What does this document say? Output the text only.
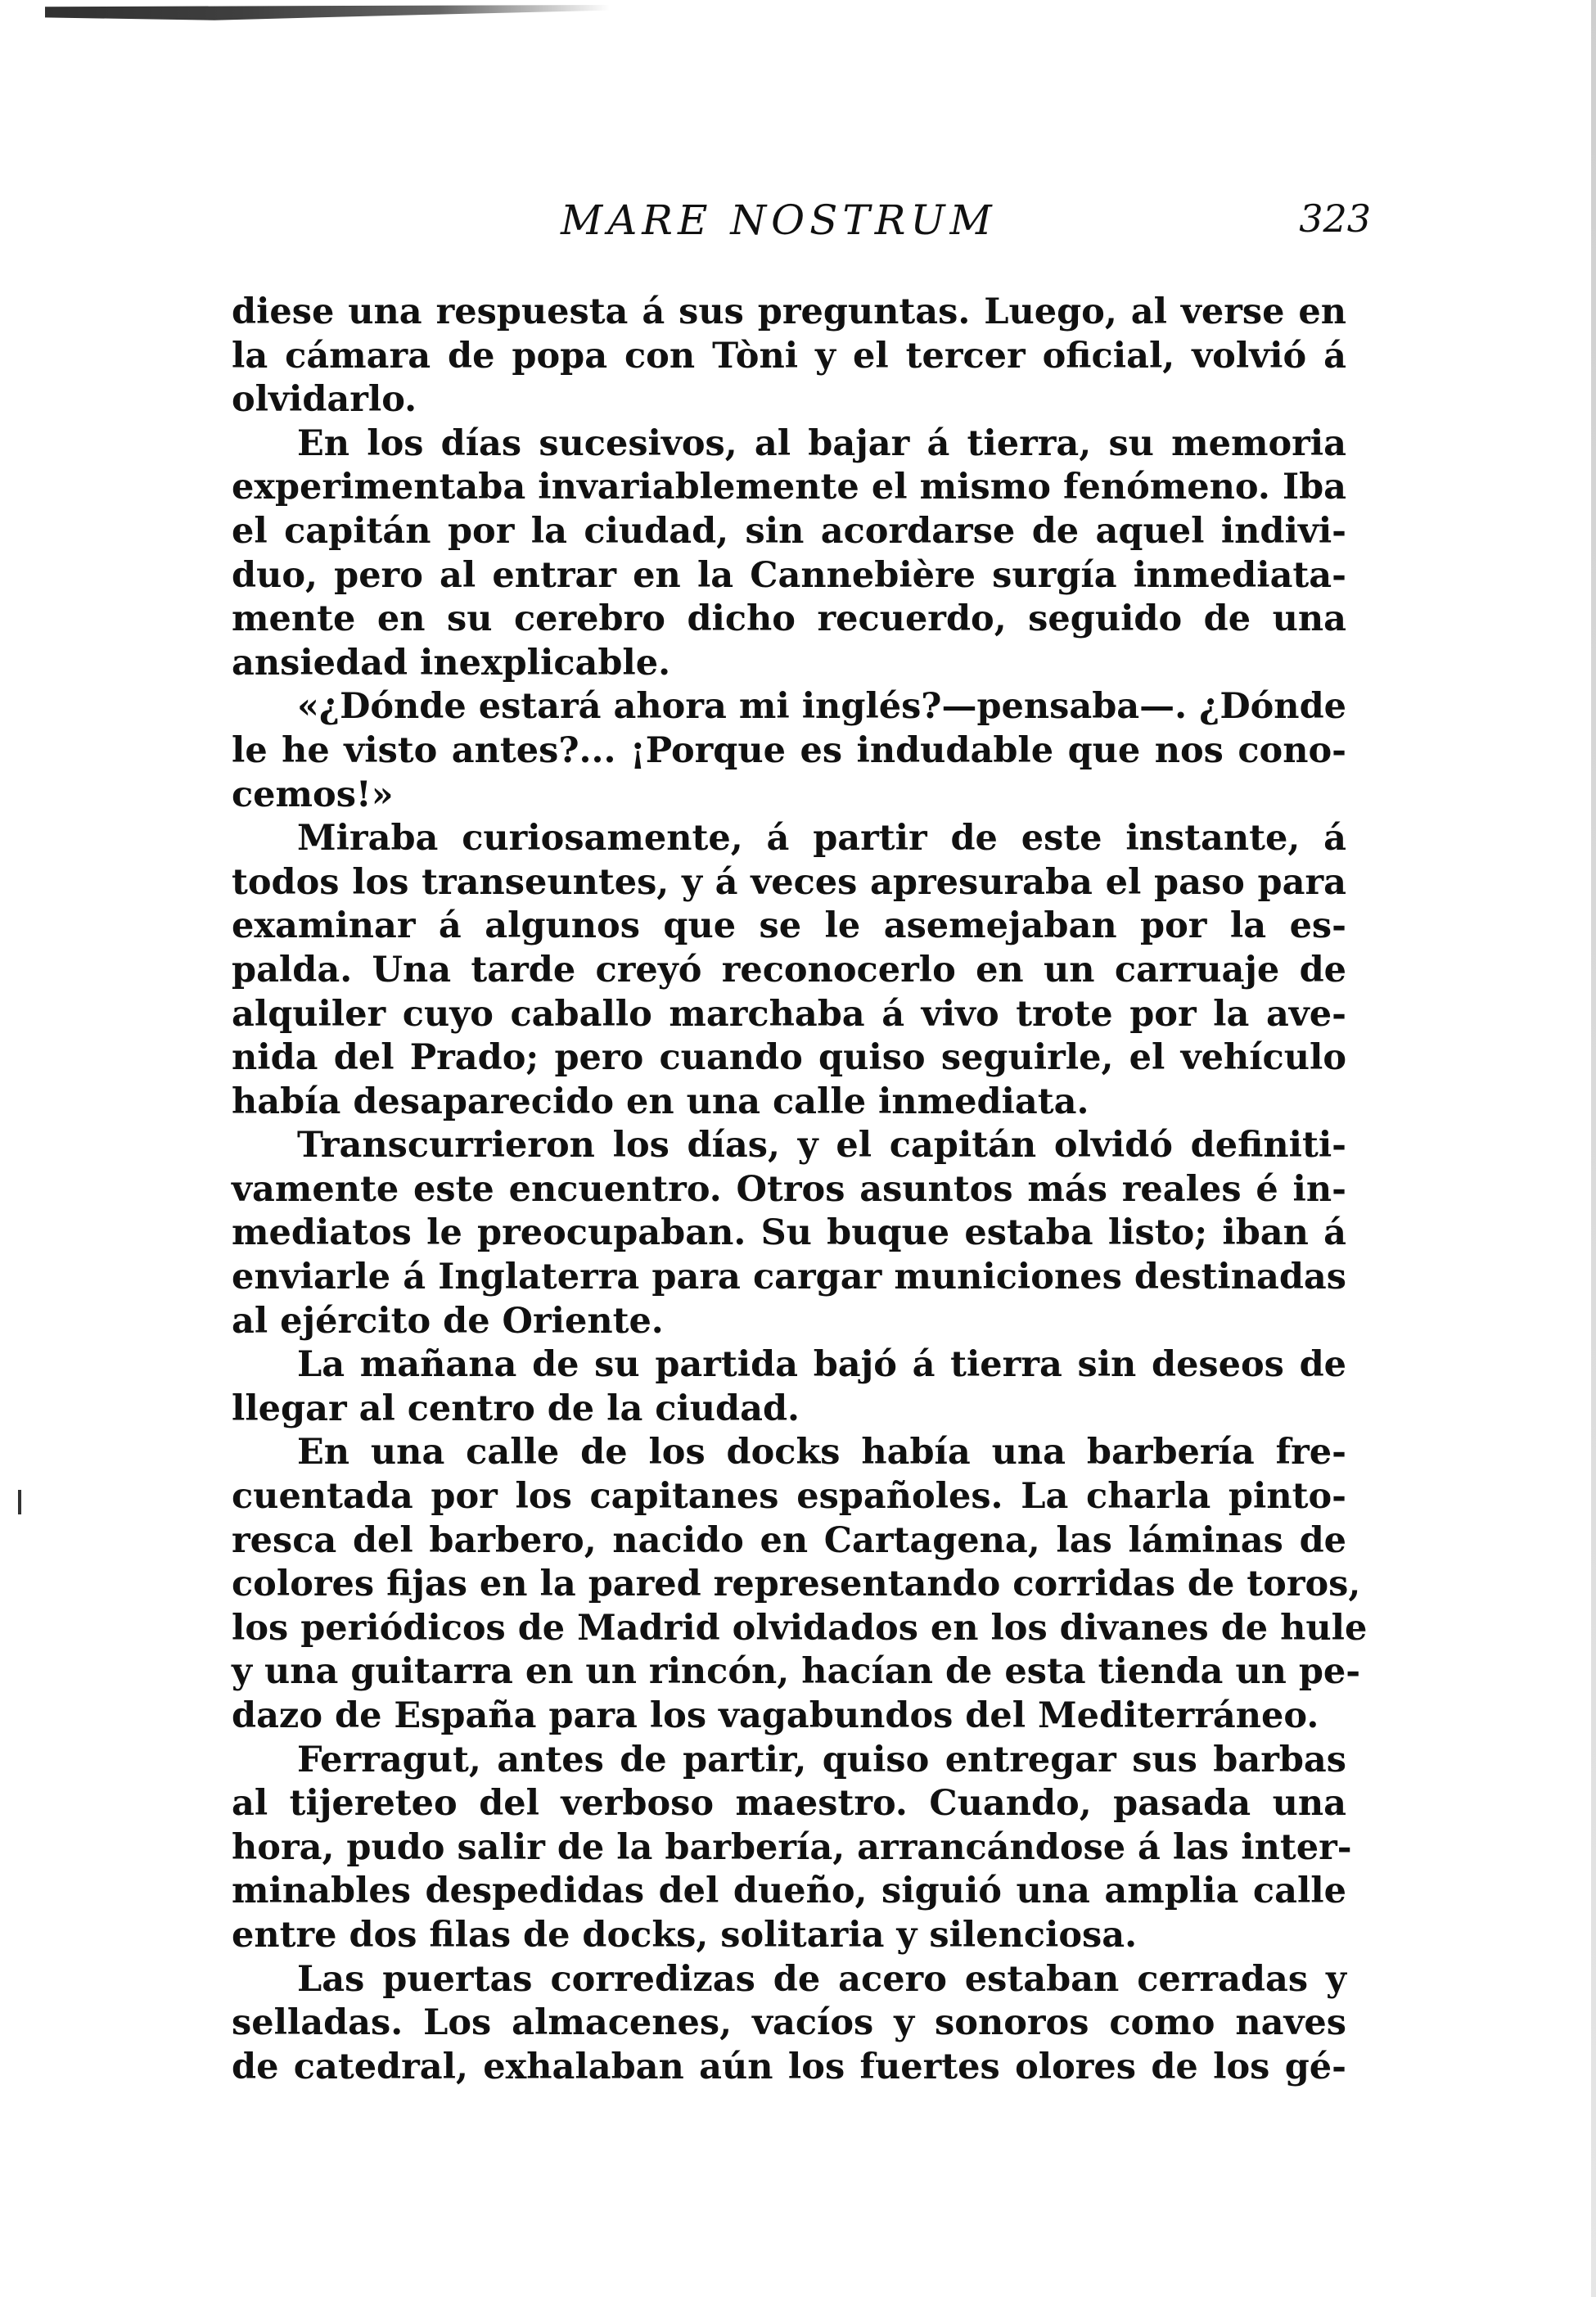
MARE NOSTRUM	323
diese una respuesta á sus preguntas. Luego, al verse en
la cámara de popa con Tòni y el tercer oficial, volvió á
olvidarlo.
En los días sucesivos, al bajar á tierra, su memoria
experimentaba invariablemente el mismo fenómeno. Iba
el capitán por la ciudad, sin acordarse de aquel indivi-
duo, pero al entrar en la Cannebière surgía inmediata-
mente en su cerebro dicho recuerdo, seguido de una
ansiedad inexplicable.
«¿Dónde estará ahora mi inglés?—pensaba—. ¿Dónde
le he visto antes?... ¡Porque es indudable que nos cono-
cemos!»
Miraba curiosamente, á partir de este instante, á
todos los transeuntes, y á veces apresuraba el paso para
examinar á algunos que se le asemejaban por la es-
palda. Una tarde creyó reconocerlo en un carruaje de
alquiler cuyo caballo marchaba á vivo trote por la ave-
nida del Prado; pero cuando quiso seguirle, el vehículo
había desaparecido en una calle inmediata.
Transcurrieron los días, y el capitán olvidó definiti-
vamente este encuentro. Otros asuntos más reales é in-
mediatos le preocupaban. Su buque estaba listo; iban á
enviarle á Inglaterra para cargar municiones destinadas
al ejército de Oriente.
La mañana de su partida bajó á tierra sin deseos de
llegar al centro de la ciudad.
En una calle de los docks había una barbería fre-
cuentada por los capitanes españoles. La charla pinto-
resca del barbero, nacido en Cartagena, las láminas de
colores fijas en la pared representando corridas de toros,
los periódicos de Madrid olvidados en los divanes de hule
y una guitarra en un rincón, hacían de esta tienda un pe-
dazo de España para los vagabundos del Mediterráneo.
Ferragut, antes de partir, quiso entregar sus barbas
al tijereteo del verboso maestro. Cuando, pasada una
hora, pudo salir de la barbería, arrancándose á las inter-
minables despedidas del dueño, siguió una amplia calle
entre dos filas de docks, solitaria y silenciosa.
Las puertas corredizas de acero estaban cerradas y
selladas. Los almacenes, vacíos y sonoros como naves
de catedral, exhalaban aún los fuertes olores de los gé-
